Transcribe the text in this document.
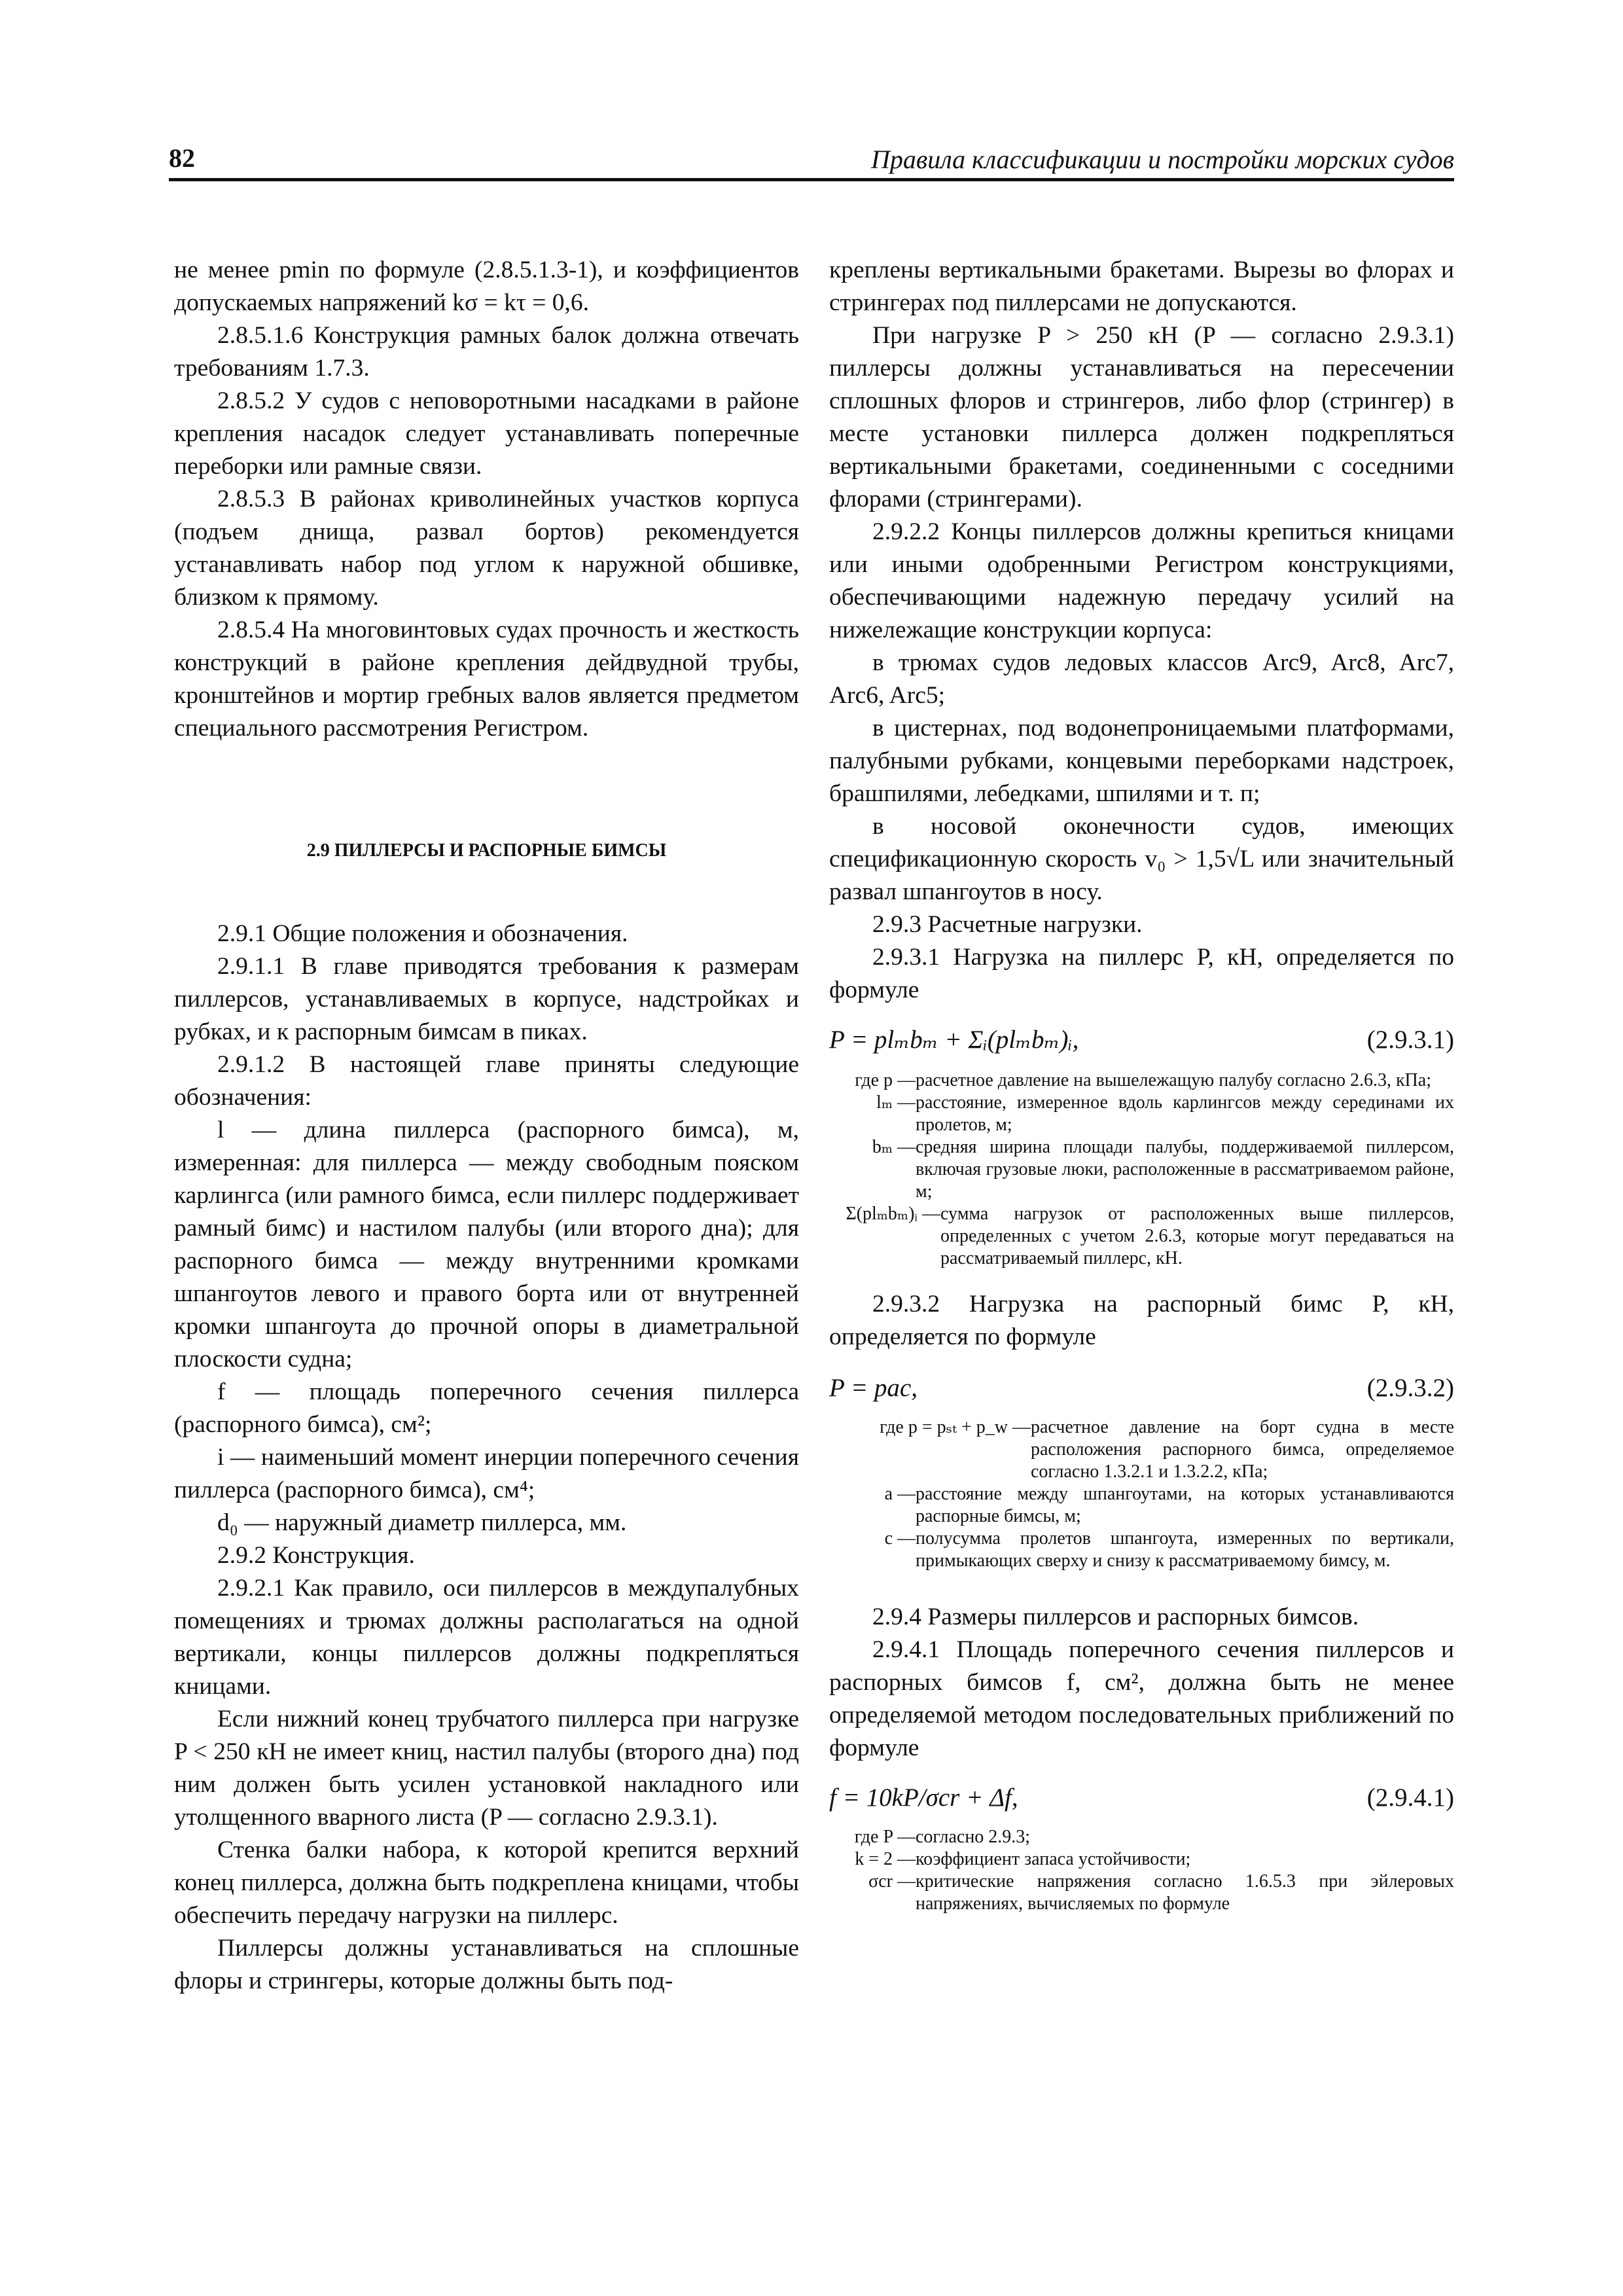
82	Правила классификации и постройки морских судов

не менее pmin по формуле (2.8.5.1.3-1), и коэффициентов допускаемых напряжений kσ = kτ = 0,6.

2.8.5.1.6 Конструкция рамных балок должна отвечать требованиям 1.7.3.

2.8.5.2 У судов с неповоротными насадками в районе крепления насадок следует устанавливать поперечные переборки или рамные связи.

2.8.5.3 В районах криволинейных участков корпуса (подъем днища, развал бортов) рекомендуется устанавливать набор под углом к наружной обшивке, близком к прямому.

2.8.5.4 На многовинтовых судах прочность и жесткость конструкций в районе крепления дейдвудной трубы, кронштейнов и мортир гребных валов является предметом специального рассмотрения Регистром.

2.9 ПИЛЛЕРСЫ И РАСПОРНЫЕ БИМСЫ

2.9.1 Общие положения и обозначения.

2.9.1.1 В главе приводятся требования к размерам пиллерсов, устанавливаемых в корпусе, надстройках и рубках, и к распорным бимсам в пиках.

2.9.1.2 В настоящей главе приняты следующие обозначения:

l — длина пиллерса (распорного бимса), м, измеренная: для пиллерса — между свободным пояском карлингса (или рамного бимса, если пиллерс поддерживает рамный бимс) и настилом палубы (или второго дна); для распорного бимса — между внутренними кромками шпангоутов левого и правого борта или от внутренней кромки шпангоута до прочной опоры в диаметральной плоскости судна;

f — площадь поперечного сечения пиллерса (распорного бимса), см²;

i — наименьший момент инерции поперечного сечения пиллерса (распорного бимса), см⁴;

d₀ — наружный диаметр пиллерса, мм.

2.9.2 Конструкция.

2.9.2.1 Как правило, оси пиллерсов в междупалубных помещениях и трюмах должны располагаться на одной вертикали, концы пиллерсов должны подкрепляться кницами.

Если нижний конец трубчатого пиллерса при нагрузке P < 250 кН не имеет книц, настил палубы (второго дна) под ним должен быть усилен установкой накладного или утолщенного вварного листа (P — согласно 2.9.3.1).

Стенка балки набора, к которой крепится верхний конец пиллерса, должна быть подкреплена кницами, чтобы обеспечить передачу нагрузки на пиллерс.

Пиллерсы должны устанавливаться на сплошные флоры и стрингеры, которые должны быть под-

креплены вертикальными бракетами. Вырезы во флорах и стрингерах под пиллерсами не допускаются.

При нагрузке P > 250 кН (P — согласно 2.9.3.1) пиллерсы должны устанавливаться на пересечении сплошных флоров и стрингеров, либо флор (стрингер) в месте установки пиллерса должен подкрепляться вертикальными бракетами, соединенными с соседними флорами (стрингерами).

2.9.2.2 Концы пиллерсов должны крепиться кницами или иными одобренными Регистром конструкциями, обеспечивающими надежную передачу усилий на нижележащие конструкции корпуса:

в трюмах судов ледовых классов Arc9, Arc8, Arc7, Arc6, Arc5;

в цистернах, под водонепроницаемыми платформами, палубными рубками, концевыми переборками надстроек, брашпилями, лебедками, шпилями и т. п;

в носовой оконечности судов, имеющих спецификационную скорость v₀ > 1,5√L или значительный развал шпангоутов в носу.

2.9.3 Расчетные нагрузки.

2.9.3.1 Нагрузка на пиллерс P, кН, определяется по формуле

P = plₘbₘ + Σᵢ(plₘbₘ)ᵢ,	(2.9.3.1)
где p — расчетное давление на вышележащую палубу согласно 2.6.3, кПа;
lₘ — расстояние, измеренное вдоль карлингсов между серединами их пролетов, м;
bₘ — средняя ширина площади палубы, поддерживаемой пиллерсом, включая грузовые люки, расположенные в рассматриваемом районе, м;
Σ(plₘbₘ)ᵢ — сумма нагрузок от расположенных выше пиллерсов, определенных с учетом 2.6.3, которые могут передаваться на рассматриваемый пиллерс, кН.

2.9.3.2 Нагрузка на распорный бимс P, кН, определяется по формуле

P = pac,	(2.9.3.2)
где p = pₛₜ + p_w — расчетное давление на борт судна в месте расположения распорного бимса, определяемое согласно 1.3.2.1 и 1.3.2.2, кПа;
a — расстояние между шпангоутами, на которых устанавливаются распорные бимсы, м;
c — полусумма пролетов шпангоута, измеренных по вертикали, примыкающих сверху и снизу к рассматриваемому бимсу, м.

2.9.4 Размеры пиллерсов и распорных бимсов.

2.9.4.1 Площадь поперечного сечения пиллерсов и распорных бимсов f, см², должна быть не менее определяемой методом последовательных приближений по формуле

f = 10kP/σcr + Δf,	(2.9.4.1)
где P — согласно 2.9.3;
k = 2 — коэффициент запаса устойчивости;
σcr — критические напряжения согласно 1.6.5.3 при эйлеровых напряжениях, вычисляемых по формуле
